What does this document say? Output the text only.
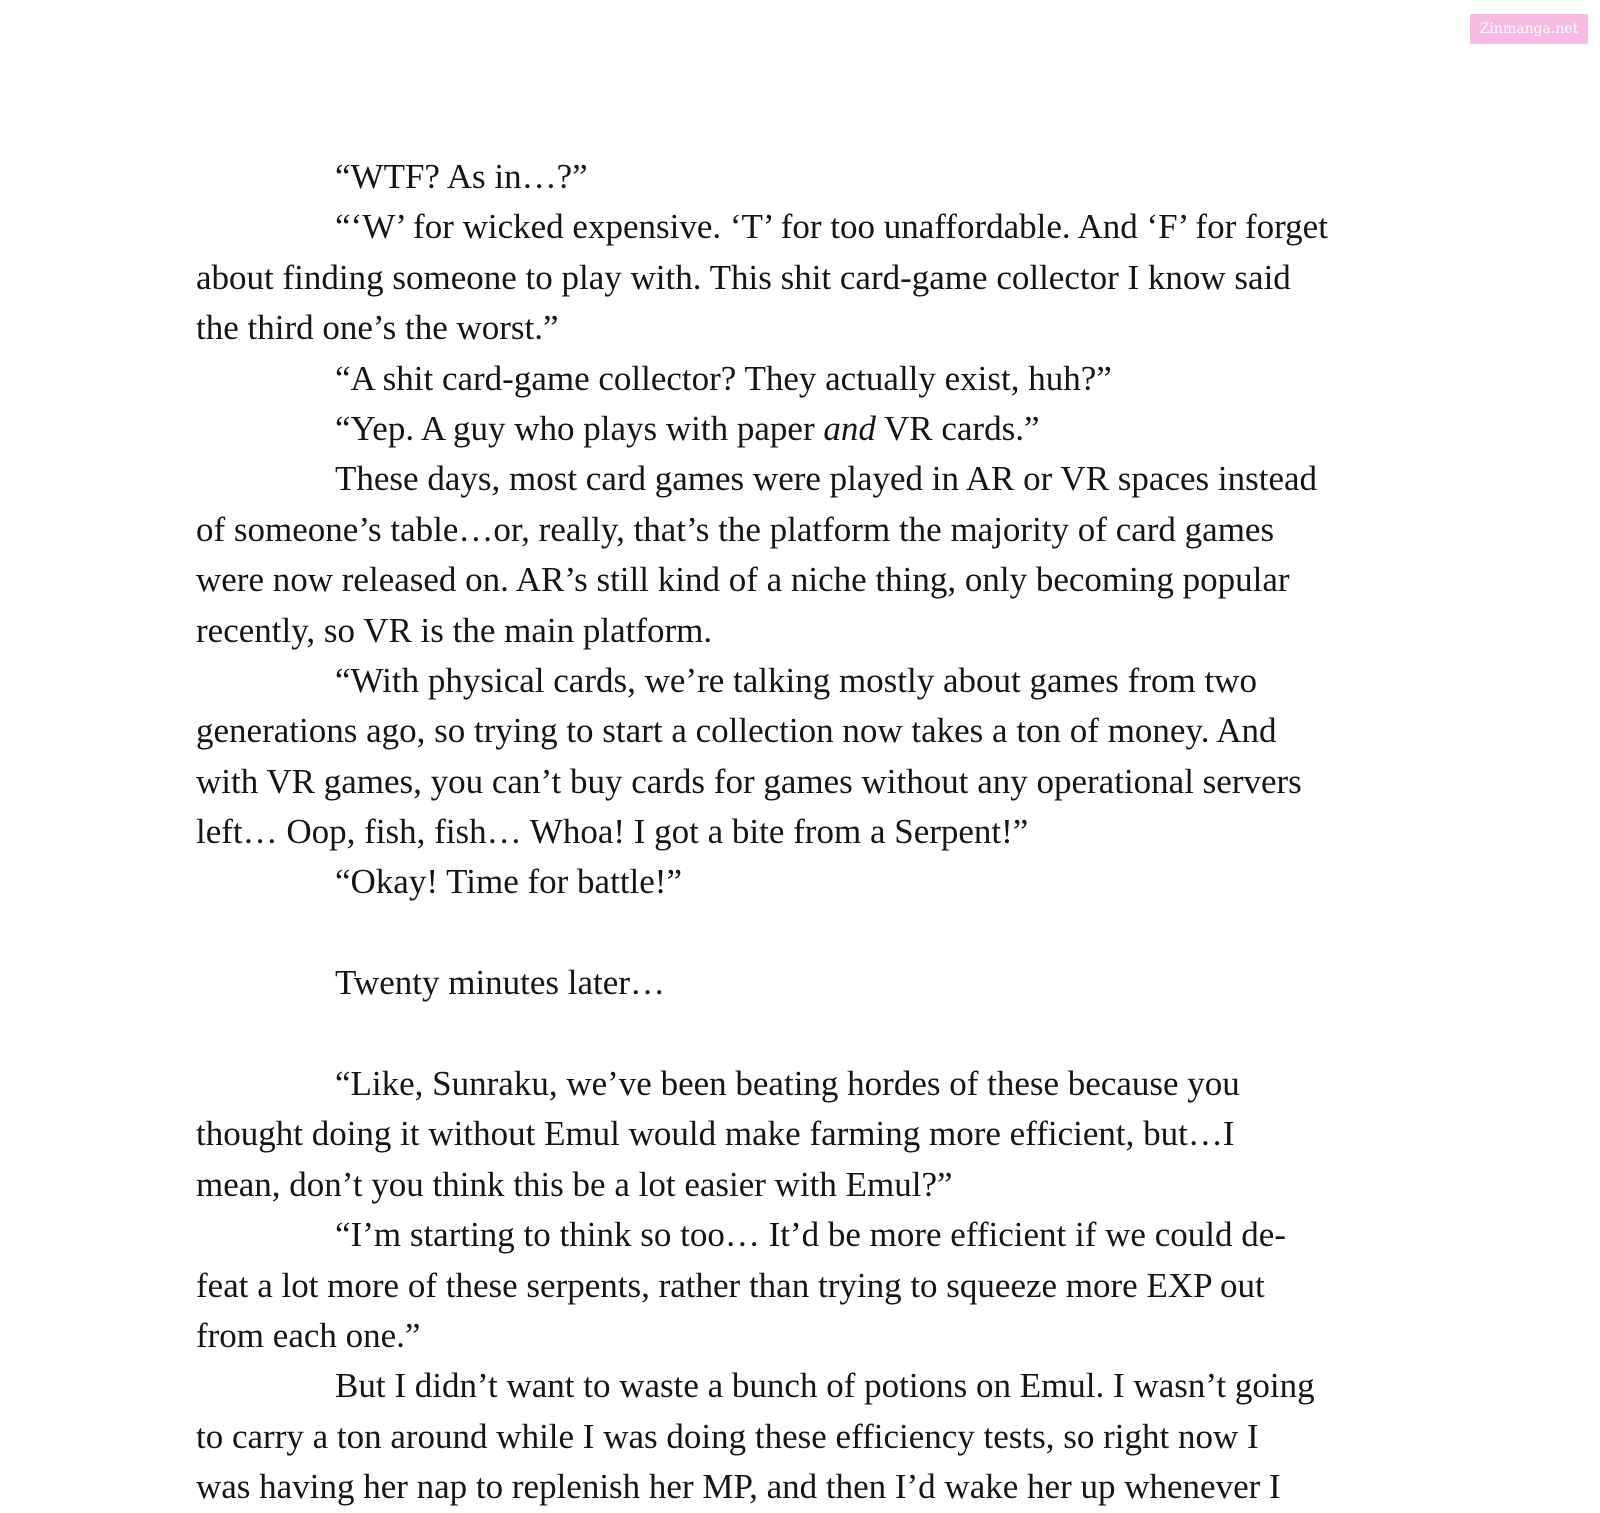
Zinmanga.net
“WTF? As in…?”
“‘W’ for wicked expensive. ‘T’ for too unaffordable. And ‘F’ for forget
about finding someone to play with. This shit card-game collector I know said
the third one’s the worst.”
“A shit card-game collector? They actually exist, huh?”
“Yep. A guy who plays with paper and VR cards.”
These days, most card games were played in AR or VR spaces instead
of someone’s table…or, really, that’s the platform the majority of card games
were now released on. AR’s still kind of a niche thing, only becoming popular
recently, so VR is the main platform.
“With physical cards, we’re talking mostly about games from two
generations ago, so trying to start a collection now takes a ton of money. And
with VR games, you can’t buy cards for games without any operational servers
left… Oop, fish, fish… Whoa! I got a bite from a Serpent!”
“Okay! Time for battle!”
Twenty minutes later…
“Like, Sunraku, we’ve been beating hordes of these because you
thought doing it without Emul would make farming more efficient, but…I
mean, don’t you think this be a lot easier with Emul?”
“I’m starting to think so too… It’d be more efficient if we could de-
feat a lot more of these serpents, rather than trying to squeeze more EXP out
from each one.”
But I didn’t want to waste a bunch of potions on Emul. I wasn’t going
to carry a ton around while I was doing these efficiency tests, so right now I
was having her nap to replenish her MP, and then I’d wake her up whenever I
